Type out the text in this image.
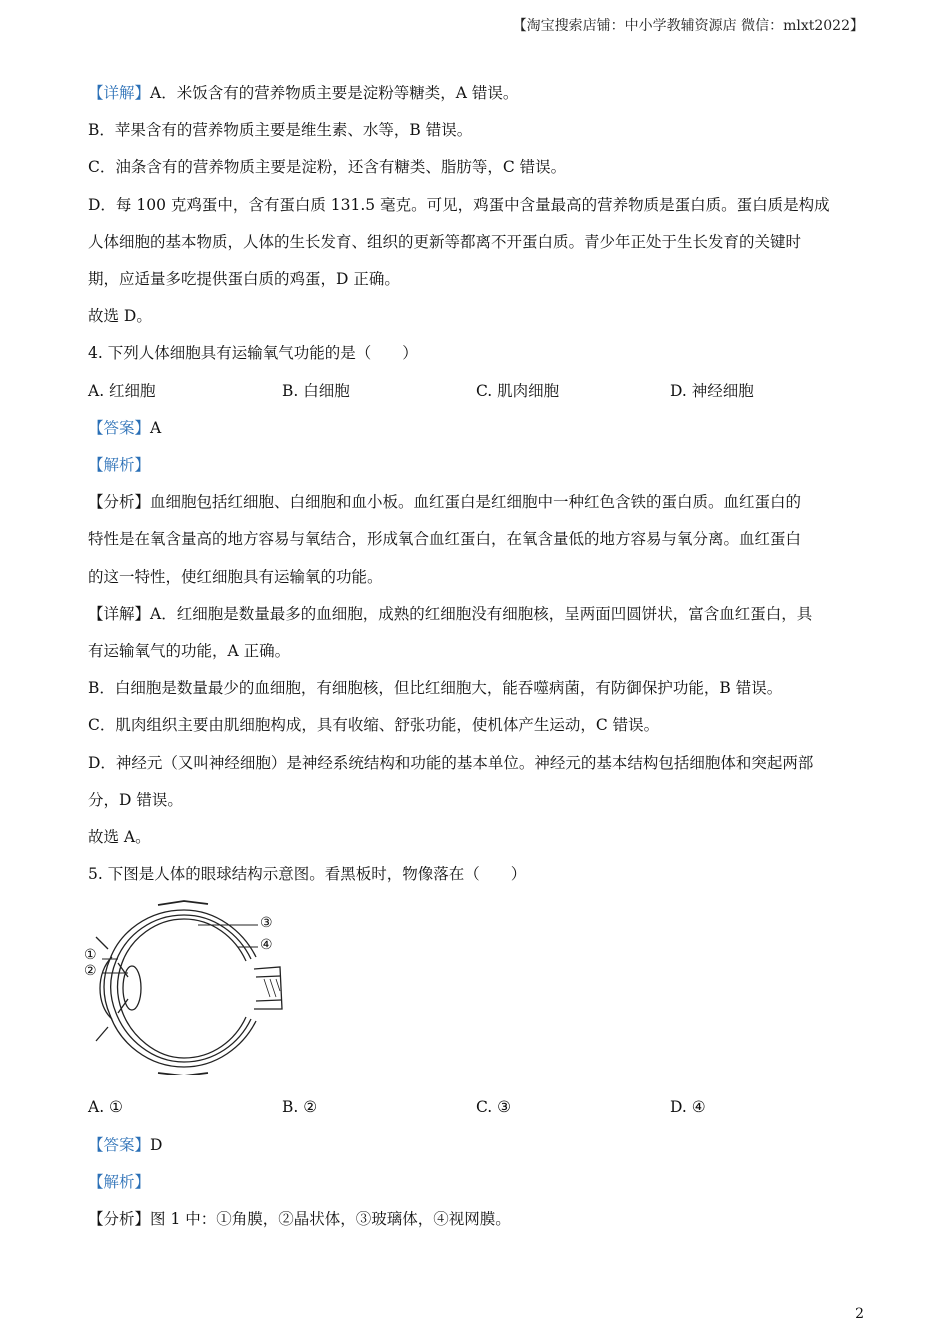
【淘宝搜索店铺：中小学教辅资源店 微信：mlxt2022】

【详解】A．米饭含有的营养物质主要是淀粉等糖类，A 错误。

B．苹果含有的营养物质主要是维生素、水等，B 错误。

C．油条含有的营养物质主要是淀粉，还含有糖类、脂肪等，C 错误。

D．每 100 克鸡蛋中，含有蛋白质 131.5 毫克。可见，鸡蛋中含量最高的营养物质是蛋白质。蛋白质是构成

人体细胞的基本物质，人体的生长发育、组织的更新等都离不开蛋白质。青少年正处于生长发育的关键时

期，应适量多吃提供蛋白质的鸡蛋，D 正确。

故选 D。

4. 下列人体细胞具有运输氧气功能的是（　　）

A. 红细胞	B. 白细胞	C. 肌肉细胞	D. 神经细胞

【答案】A

【解析】

【分析】血细胞包括红细胞、白细胞和血小板。血红蛋白是红细胞中一种红色含铁的蛋白质。血红蛋白的

特性是在氧含量高的地方容易与氧结合，形成氧合血红蛋白，在氧含量低的地方容易与氧分离。血红蛋白

的这一特性，使红细胞具有运输氧的功能。

【详解】A．红细胞是数量最多的血细胞，成熟的红细胞没有细胞核，呈两面凹圆饼状，富含血红蛋白，具

有运输氧气的功能，A 正确。

B．白细胞是数量最少的血细胞，有细胞核，但比红细胞大，能吞噬病菌，有防御保护功能，B 错误。

C．肌肉组织主要由肌细胞构成，具有收缩、舒张功能，使机体产生运动，C 错误。

D．神经元（又叫神经细胞）是神经系统结构和功能的基本单位。神经元的基本结构包括细胞体和突起两部

分，D 错误。

故选 A。

5. 下图是人体的眼球结构示意图。看黑板时，物像落在（　　）

①
②
③
④
A. ①	B. ②	C. ③	D. ④

【答案】D

【解析】

【分析】图 1 中：①角膜，②晶状体，③玻璃体，④视网膜。

2
